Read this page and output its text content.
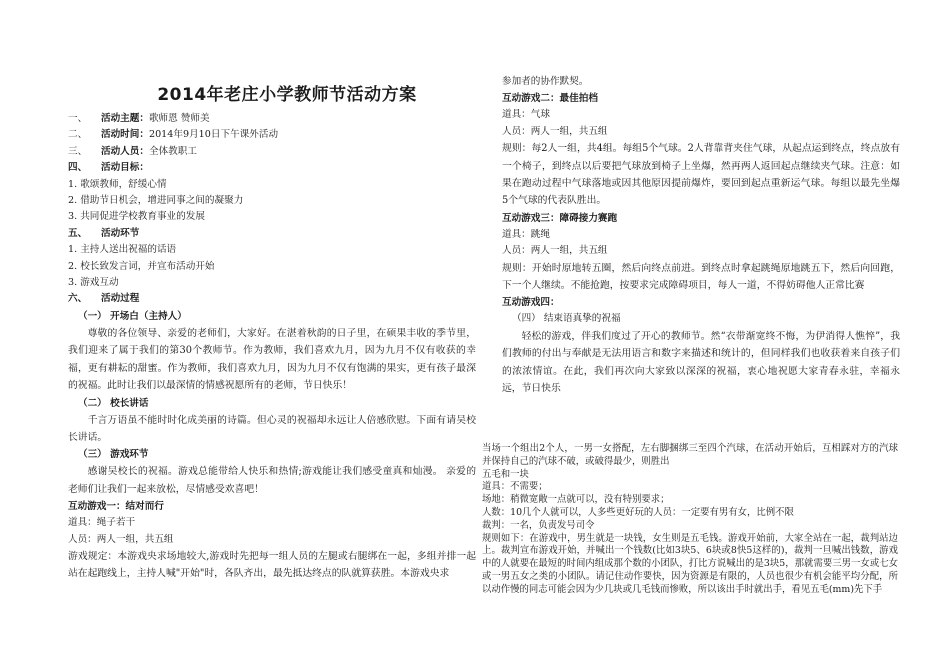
2014年老庄小学教师节活动方案
一、 活动主题：歌师恩 赞师美
二、 活动时间：2014年9月10日下午课外活动
三、 活动人员：全体教职工
四、 活动目标：
1. 歌颂教师，舒缓心情
2. 借助节日机会，增进同事之间的凝聚力
3. 共同促进学校教育事业的发展
五、 活动环节
1. 主持人送出祝福的话语
2. 校长致发言词，并宣布活动开始
3. 游戏互动
六、 活动过程
（一） 开场白（主持人）
尊敬的各位领导、亲爱的老师们，大家好。在湛着秋韵的日子里，在硕果丰收的季节里，我们迎来了属于我们的第30个教师节。作为教师，我们喜欢九月，因为九月不仅有收获的幸福，更有耕耘的甜蜜。作为教师，我们喜欢九月，因为九月不仅有饱满的果实，更有孩子最深的祝福。此时让我们以最深情的情感祝愿所有的老师，节日快乐！
（二） 校长讲话
千言万语虽不能时时化成美丽的诗篇。但心灵的祝福却永远让人倍感欣慰。下面有请吴校长讲话。
（三） 游戏环节
感谢吴校长的祝福。游戏总能带给人快乐和热情;游戏能让我们感受童真和灿漫。 亲爱的老师们让我们一起来放松，尽情感受欢喜吧！
互动游戏一：结对而行
道具：绳子若干
人员：两人一组，共五组
游戏规定：本游戏央求场地较大,游戏时先把每一组人员的左腿或右腿绑在一起，多组并排一起站在起跑线上，主持人喊"开始"时，各队齐出，最先抵达终点的队就算获胜。本游戏央求
参加者的协作默契。
互动游戏二：最佳拍档
道具：气球
人员：两人一组，共五组
规则：每2人一组，共4组。每组5个气球。2人背靠背夹住气球，从起点运到终点，终点放有一个椅子，到终点以后要把气球放到椅子上坐爆，然再两人返回起点继续夹气球。注意：如果在跑动过程中气球落地或因其他原因提前爆炸，要回到起点重新运气球。每组以最先坐爆5个气球的代表队胜出。
互动游戏三：障碍接力赛跑
道具：跳绳
人员：两人一组，共五组
规则：开始时原地转五圈，然后向终点前进。到终点时拿起跳绳原地跳五下，然后向回跑，下一个人继续。不能抢跑，按要求完成障碍项目，每人一道，不得妨碍他人正常比赛
互动游戏四：
（四） 结束语真挚的祝福
轻松的游戏，伴我们度过了开心的教师节。然“衣带渐宽终不悔，为伊消得人憔悴”，我们教师的付出与奉献是无法用语言和数字来描述和统计的，但同样我们也收获着来自孩子们的浓浓情谊。在此，我们再次向大家致以深深的祝福，衷心地祝愿大家青春永驻，幸福永远，节日快乐
当场一个组出2个人，一男一女搭配，左右脚捆绑三至四个汽球，在活动开始后，互相踩对方的汽球并保持自己的汽球不破，或破得最少，则胜出
五毛和一块
道具：不需要；
场地：稍微宽敞一点就可以，没有特别要求；
人数：10几个人就可以，人多些更好玩的人员：一定要有男有女，比例不限
裁判：一名，负责发号司令
规则如下：在游戏中，男生就是一块钱，女生则是五毛钱。游戏开始前，大家全站在一起，裁判站边上。裁判宣布游戏开始，并喊出一个钱数(比如3块5、6块或8快5这样的)，裁判一旦喊出钱数，游戏中的人就要在最短的时间内组成那个数的小团队，打比方说喊出的是3块5，那就需要三男一女或七女或一男五女之类的小团队。请记住动作要快，因为资源是有限的，人员也很少有机会能平均分配，所以动作慢的同志可能会因为少几块或几毛钱而惨败，所以该出手时就出手，看见五毛(mm)先下手
